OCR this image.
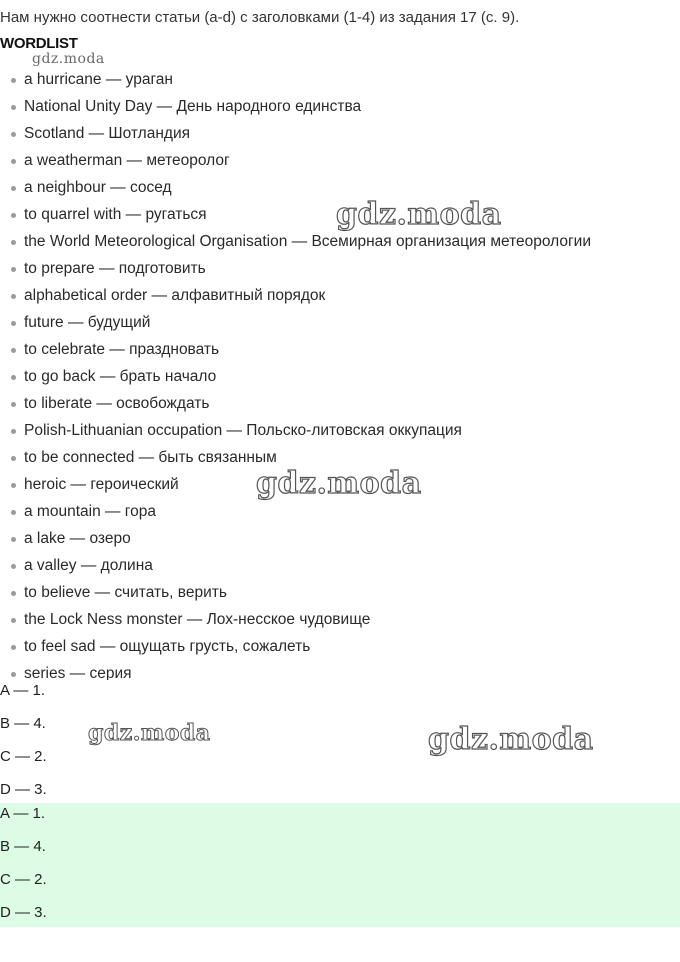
Нам нужно соотнести статьи (a-d) с заголовками (1-4) из задания 17 (с. 9).
WORDLIST
a hurricane — ураган
National Unity Day — День народного единства
Scotland — Шотландия
a weatherman — метеоролог
a neighbour — сосед
to quarrel with — ругаться
the World Meteorological Organisation — Всемирная организация метеорологии
to prepare — подготовить
alphabetical order — алфавитный порядок
future — будущий
to celebrate — праздновать
to go back — брать начало
to liberate — освобождать
Polish-Lithuanian occupation — Польско-литовская оккупация
to be connected — быть связанным
heroic — героический
a mountain — гора
a lake — озеро
a valley — долина
to believe — считать, верить
the Lock Ness monster — Лох-несское чудовище
to feel sad — ощущать грусть, сожалеть
series — серия
A — 1.
B — 4.
C — 2.
D — 3.
A — 1.
B — 4.
C — 2.
D — 3.
gdz.moda
gdz.moda
gdz.moda
gdz.moda	gdz.moda
